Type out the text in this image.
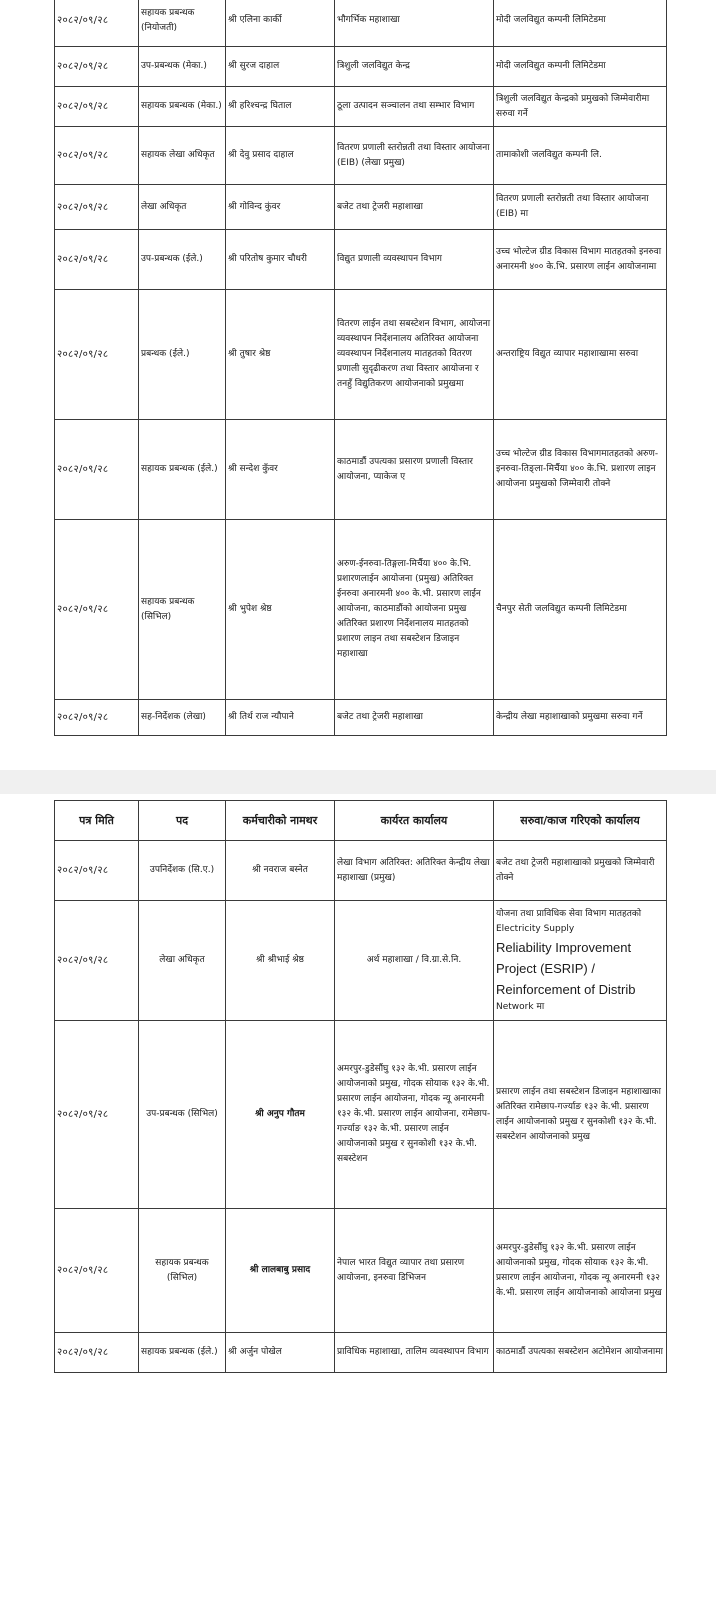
२०८२/०९/२८	सहायक प्रबन्धक (नियोजती)	श्री एलिना कार्की	भौगर्भिक महाशाखा	मोदी जलविद्युत कम्पनी लिमिटेडमा
२०८२/०९/२८	उप-प्रबन्धक (मेका.)	श्री सुरज दाहाल	त्रिशुली जलविद्युत केन्द्र	मोदी जलविद्युत कम्पनी लिमिटेडमा
२०८२/०९/२८	सहायक प्रबन्धक (मेका.)	श्री हरिश्चन्द्र घिताल	ठूला उत्पादन सञ्चालन तथा सम्भार विभाग	त्रिशुली जलविद्युत केन्द्रको प्रमुखको जिम्मेवारीमा सरुवा गर्ने
२०८२/०९/२८	सहायक लेखा अधिकृत	श्री देवु प्रसाद दाहाल	वितरण प्रणाली स्तरोन्नती तथा विस्तार आयोजना (EIB) (लेखा प्रमुख)	तामाकोशी जलविद्युत कम्पनी लि.
२०८२/०९/२८	लेखा अधिकृत	श्री गोविन्द कुंवर	बजेट तथा ट्रेजरी महाशाखा	वितरण प्रणाली स्तरोन्नती तथा विस्तार आयोजना (EIB) मा
२०८२/०९/२८	उप-प्रबन्धक (ईले.)	श्री परितोष कुमार चौधरी	विद्युत प्रणाली व्यवस्थापन विभाग	उच्च भोल्टेज ग्रीड विकास विभाग मातहतको इनरुवा अनारमनी ४०० के.भि. प्रसारण लाईन आयोजनामा
२०८२/०९/२८	प्रबन्धक (ईले.)	श्री तुषार श्रेष्ठ	वितरण लाईन तथा सबस्टेशन विभाग, आयोजना व्यवस्थापन निर्देशनालय अतिरिक्त आयोजना व्यवस्थापन निर्देशनालय मातहतको वितरण प्रणाली सुदृढीकरण तथा विस्तार आयोजना र तनहुँ विद्युतिकरण आयोजनाको प्रमुखमा	अन्तराष्ट्रिय विद्युत व्यापार महाशाखामा सरुवा
२०८२/०९/२८	सहायक प्रबन्धक (ईले.)	श्री सन्देश कुँवर	काठमाडौं उपत्यका प्रसारण प्रणाली विस्तार आयोजना, प्याकेज ए	उच्च भोल्टेज ग्रीड विकास विभागमातहतको अरुण-इनरुवा-तिङ्ला-मिर्चैया ४०० के.भि. प्रशारण लाइन आयोजना प्रमुखको जिम्मेवारी तोक्ने
२०८२/०९/२८	सहायक प्रबन्धक (सिभिल)	श्री भुपेश श्रेष्ठ	अरुण-ईनरुवा-तिङ्गला-मिर्चैया ४०० के.भि. प्रशारणलाईन आयोजना (प्रमुख) अतिरिक्त ईनरुवा अनारमनी ४०० के.भी. प्रसारण लाईन आयोजना, काठमाडौंको आयोजना प्रमुख अतिरिक्त प्रशारण निर्देशनालय मातहतको प्रशारण लाइन तथा सबस्टेशन डिजाइन महाशाखा	चैनपुर सेती जलविद्युत कम्पनी लिमिटेडमा
२०८२/०९/२८	सह-निर्देशक (लेखा)	श्री तिर्थ राज न्यौपाने	बजेट तथा ट्रेजरी महाशाखा	केन्द्रीय लेखा महाशाखाको प्रमुखमा सरुवा गर्ने
पत्र मिति	पद	कर्मचारीको नामथर	कार्यरत कार्यालय	सरुवा/काज गरिएको कार्यालय
२०८२/०९/२८	उपनिर्देशक (सि.ए.)	श्री नवराज बस्नेत	लेखा विभाग अतिरिक्त: अतिरिक्त केन्द्रीय लेखा महाशाखा (प्रमुख)	बजेट तथा ट्रेजरी महाशाखाको प्रमुखको जिम्मेवारी तोक्ने
२०८२/०९/२८	लेखा अधिकृत	श्री श्रीभाई श्रेष्ठ	अर्थ महाशाखा / वि.ग्रा.से.नि.	योजना तथा प्राविधिक सेवा विभाग मातहतको Electricity Supply
Reliability Improvement Project (ESRIP) / Reinforcement of Distrib
Network मा

२०८२/०९/२८	उप-प्रबन्धक (सिभिल)	श्री अनुप गौतम	अमरपुर-डुडेसौंघु १३२ के.भी. प्रसारण लाईन आयोजनाको प्रमुख, गोदक सोयाक १३२ के.भी. प्रसारण लाईन आयोजना, गोदक न्यू अनारमनी १३२ के.भी. प्रसारण लाईन आयोजना, रामेछाप-गर्ज्याङ १३२ के.भी. प्रसारण लाईन आयोजनाको प्रमुख र सुनकोशी १३२ के.भी. सबस्टेशन	प्रसारण लाईन तथा सबस्टेशन डिजाइन महाशाखाका अतिरिक्त रामेछाप-गर्ज्याङ १३२ के.भी. प्रसारण लाईन आयोजनाको प्रमुख र सुनकोशी १३२ के.भी. सबस्टेशन आयोजनाको प्रमुख
२०८२/०९/२८	सहायक प्रबन्धक (सिभिल)	श्री लालबाबु प्रसाद	नेपाल भारत विद्युत व्यापार तथा प्रसारण आयोजना, इनरुवा डिभिजन	अमरपुर-डुडेसौंघु १३२ के.भी. प्रसारण लाईन आयोजनाको प्रमुख, गोदक सोयाक १३२ के.भी. प्रसारण लाईन आयोजना, गोदक न्यू अनारमनी १३२ के.भी. प्रसारण लाईन आयोजनाको आयोजना प्रमुख
२०८२/०९/२८	सहायक प्रबन्धक (ईले.)	श्री अर्जुन पोखेल	प्राविधिक महाशाखा, तालिम व्यवस्थापन विभाग	काठमाडौं उपत्यका सबस्टेशन अटोमेशन आयोजनामा
